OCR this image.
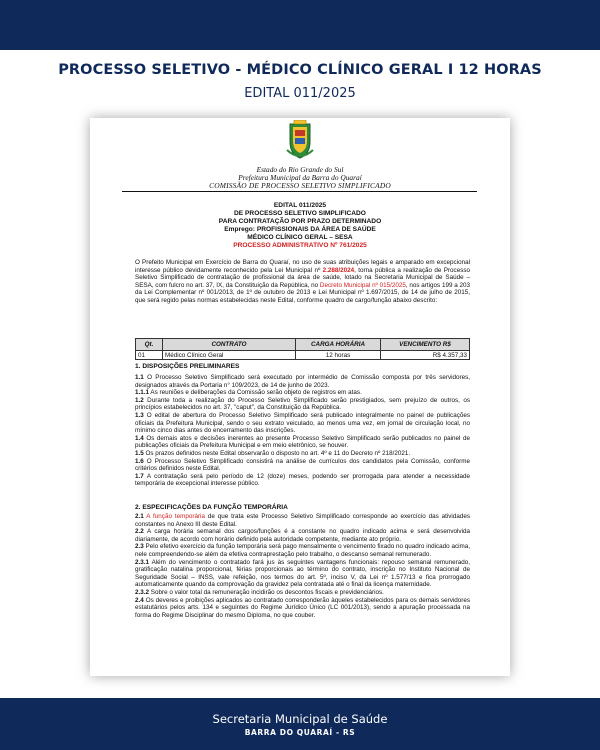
PROCESSO SELETIVO - MÉDICO CLÍNICO GERAL I 12 HORAS
EDITAL 011/2025
Estado do Rio Grande do Sul
Prefeitura Municipal da Barra do Quaraí
COMISSÃO DE PROCESSO SELETIVO SIMPLIFICADO
EDITAL 011/2025
DE PROCESSO SELETIVO SIMPLIFICADO
PARA CONTRATAÇÃO POR PRAZO DETERMINADO
Emprego: PROFISSIONAIS DA ÁREA DE SAÚDE
MÉDICO CLÍNICO GERAL – SESA
PROCESSO ADMINISTRATIVO Nº 761/2025
O Prefeito Municipal em Exercício de Barra do Quaraí, no uso de suas atribuições legais e amparado em excepcional interesse público devidamente reconhecido pela Lei Municipal nº 2.288/2024, torna pública a realização de Processo Seletivo Simplificado de contratação de profissional da área de saúde, lotado na Secretaria Municipal de Saúde – SESA, com fulcro no art. 37, IX, da Constituição da República, no Decreto Municipal nº 015/2025, nos artigos 199 a 203 da Lei Complementar nº 001/2013, de 1º de outubro de 2013 e Lei Municipal nº 1.697/2015, de 14 de julho de 2015, que será regido pelas normas estabelecidas neste Edital, conforme quadro de cargo/função abaixo descrito:
Qt.	CONTRATO	CARGA HORÁRIA	VENCIMENTO R$
01	Médico Clínico Geral	12 horas	R$ 4.357,33
1. DISPOSIÇÕES PRELIMINARES
1.1 O Processo Seletivo Simplificado será executado por intermédio de Comissão composta por três servidores, designados através da Portaria n° 109/2023, de 14 de junho de 2023.
1.1.1 As reuniões e deliberações da Comissão serão objeto de registros em atas.
1.2 Durante toda a realização do Processo Seletivo Simplificado serão prestigiados, sem prejuízo de outros, os princípios estabelecidos no art. 37, "caput", da Constituição da República.
1.3 O edital de abertura do Processo Seletivo Simplificado será publicado integralmente no painel de publicações oficiais da Prefeitura Municipal, sendo o seu extrato veiculado, ao menos uma vez, em jornal de circulação local, no mínimo cinco dias antes do encerramento das inscrições.
1.4 Os demais atos e decisões inerentes ao presente Processo Seletivo Simplificado serão publicados no painel de publicações oficiais da Prefeitura Municipal e em meio eletrônico, se houver.
1.5 Os prazos definidos neste Edital observarão o disposto no art. 4º e 11 do Decreto nº 218/2021.
1.6 O Processo Seletivo Simplificado consistirá na análise de currículos dos candidatos pela Comissão, conforme critérios definidos neste Edital.
1.7 A contratação será pelo período de 12 (doze) meses, podendo ser prorrogada para atender a necessidade temporária de excepcional interesse público.
2. ESPECIFICAÇÕES DA FUNÇÃO TEMPORÁRIA
2.1 A função temporária de que trata este Processo Seletivo Simplificado corresponde ao exercício das atividades constantes no Anexo III deste Edital.
2.2 A carga horária semanal dos cargos/funções é a constante no quadro indicado acima e será desenvolvida diariamente, de acordo com horário definido pela autoridade competente, mediante ato próprio.
2.3 Pelo efetivo exercício da função temporária será pago mensalmente o vencimento fixado no quadro indicado acima, nele compreendendo-se além da efetiva contraprestação pelo trabalho, o descanso semanal remunerado.
2.3.1 Além do vencimento o contratado fará jus às seguintes vantagens funcionais: repouso semanal remunerado, gratificação natalina proporcional, férias proporcionais ao término do contrato, inscrição no Instituto Nacional de Seguridade Social – INSS, vale refeição, nos termos do art. 5º, inciso V, da Lei nº 1.577/13 e fica prorrogado automaticamente quando da comprovação da gravidez pela contratada até o final da licença maternidade.
2.3.2 Sobre o valor total da remuneração incidirão os descontos fiscais e previdenciários.
2.4 Os deveres e proibições aplicados ao contratado corresponderão àqueles estabelecidos para os demais servidores estatutários pelos arts. 134 e seguintes do Regime Jurídico Único (LC 001/2013), sendo a apuração processada na forma do Regime Disciplinar do mesmo Diploma, no que couber.
Secretaria Municipal de Saúde
BARRA DO QUARAÍ - RS
